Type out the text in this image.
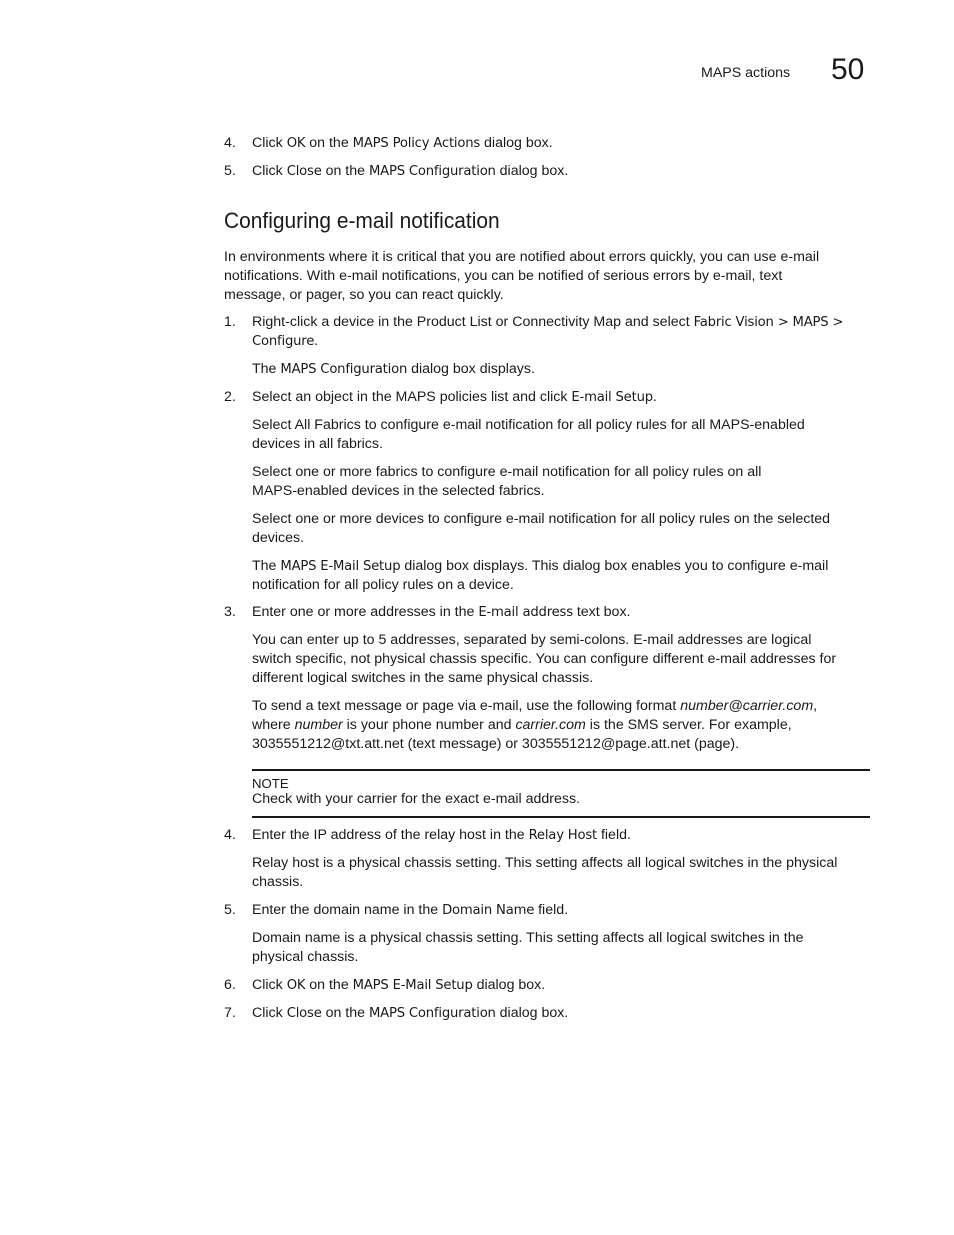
MAPS actions 50
4. Click OK on the MAPS Policy Actions dialog box.
5. Click Close on the MAPS Configuration dialog box.
Configuring e-mail notification
In environments where it is critical that you are notified about errors quickly, you can use e-mail
notifications. With e-mail notifications, you can be notified of serious errors by e-mail, text
message, or pager, so you can react quickly.
1. Right-click a device in the Product List or Connectivity Map and select Fabric Vision > MAPS >
Configure.
The MAPS Configuration dialog box displays.
2. Select an object in the MAPS policies list and click E-mail Setup.
Select All Fabrics to configure e-mail notification for all policy rules for all MAPS-enabled
devices in all fabrics.
Select one or more fabrics to configure e-mail notification for all policy rules on all
MAPS-enabled devices in the selected fabrics.
Select one or more devices to configure e-mail notification for all policy rules on the selected
devices.
The MAPS E-Mail Setup dialog box displays. This dialog box enables you to configure e-mail
notification for all policy rules on a device.
3. Enter one or more addresses in the E-mail address text box.
You can enter up to 5 addresses, separated by semi-colons. E-mail addresses are logical
switch specific, not physical chassis specific. You can configure different e-mail addresses for
different logical switches in the same physical chassis.
To send a text message or page via e-mail, use the following format number@carrier.com,
where number is your phone number and carrier.com is the SMS server. For example,
3035551212@txt.att.net (text message) or 3035551212@page.att.net (page).
NOTE
Check with your carrier for the exact e-mail address.
4. Enter the IP address of the relay host in the Relay Host field.
Relay host is a physical chassis setting. This setting affects all logical switches in the physical
chassis.
5. Enter the domain name in the Domain Name field.
Domain name is a physical chassis setting. This setting affects all logical switches in the
physical chassis.
6. Click OK on the MAPS E-Mail Setup dialog box.
7. Click Close on the MAPS Configuration dialog box.
